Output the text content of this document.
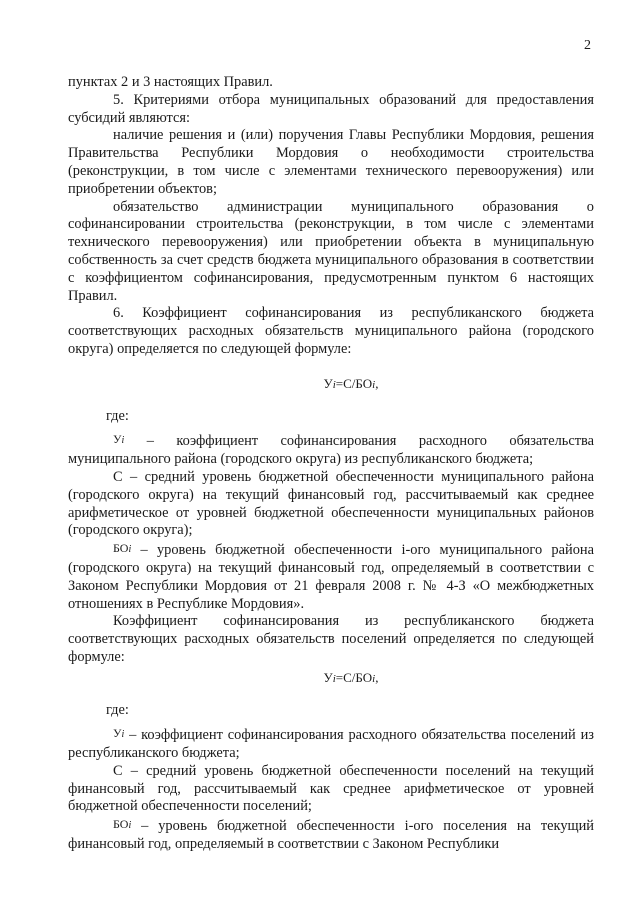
2

пунктах 2 и 3 настоящих Правил.

5. Критериями отбора муниципальных образований для предоставления субсидий являются:

наличие решения и (или) поручения Главы Республики Мордовия, решения Правительства Республики Мордовия о необходимости строительства (реконструкции, в том числе с элементами технического перевооружения) или приобретении объектов;

обязательство администрации муниципального образования о софинансировании строительства (реконструкции, в том числе с элементами технического перевооружения) или приобретении объекта в муниципальную собственность за счет средств бюджета муниципального образования в соответствии с коэффициентом софинансирования, предусмотренным пунктом 6 настоящих Правил.

6. Коэффициент софинансирования из республиканского бюджета соответствующих расходных обязательств муниципального района (городского округа) определяется по следующей формуле:

Уi=С/БОi,

где:

Уi – коэффициент софинансирования расходного обязательства муниципального района (городского округа) из республиканского бюджета;

С – средний уровень бюджетной обеспеченности муниципального района (городского округа) на текущий финансовый год, рассчитываемый как среднее арифметическое от уровней бюджетной обеспеченности муниципальных районов (городского округа);

БОi – уровень бюджетной обеспеченности i-ого муниципального района (городского округа) на текущий финансовый год, определяемый в соответствии с Законом Республики Мордовия от 21 февраля 2008 г. № 4-З «О межбюджетных отношениях в Республике Мордовия».

Коэффициент софинансирования из республиканского бюджета соответствующих расходных обязательств поселений определяется по следующей формуле:

Уi=С/БОi,

где:

Уi – коэффициент софинансирования расходного обязательства поселений из республиканского бюджета;

С – средний уровень бюджетной обеспеченности поселений на текущий финансовый год, рассчитываемый как среднее арифметическое от уровней бюджетной обеспеченности поселений;

БОi – уровень бюджетной обеспеченности i-ого поселения на текущий финансовый год, определяемый в соответствии с Законом Республики
